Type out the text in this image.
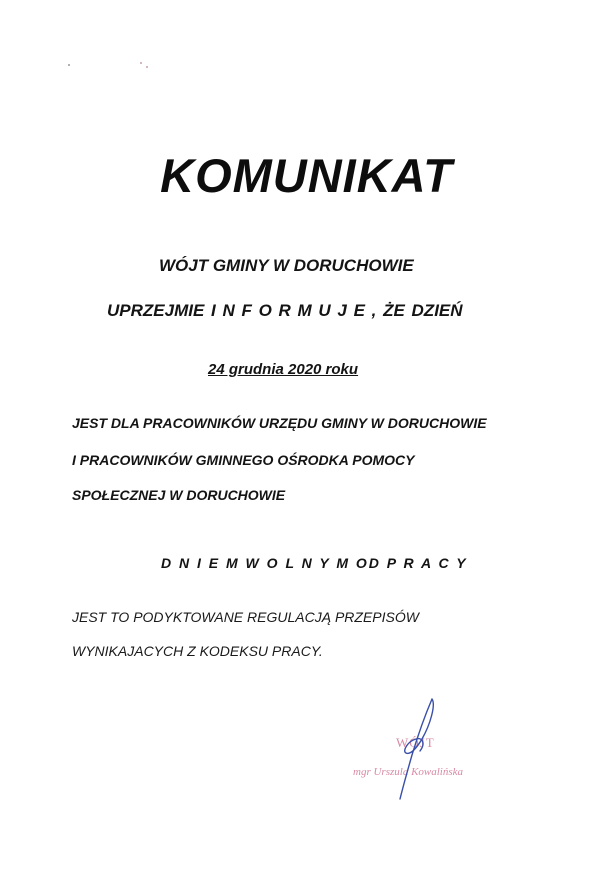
KOMUNIKAT
WÓJT GMINY W DORUCHOWIE
UPRZEJMIE I N F O R M U J E , ŻE DZIEŃ
24 grudnia 2020 roku
JEST DLA PRACOWNIKÓW URZĘDU GMINY W DORUCHOWIE
I PRACOWNIKÓW GMINNEGO OŚRODKA POMOCY
SPOŁECZNEJ W DORUCHOWIE
D N I E M W O L N Y M OD P R A C Y
JEST TO PODYKTOWANE REGULACJĄ PRZEPISÓW
WYNIKAJACYCH Z KODEKSU PRACY.
WÓJT
mgr Urszula Kowalińska
